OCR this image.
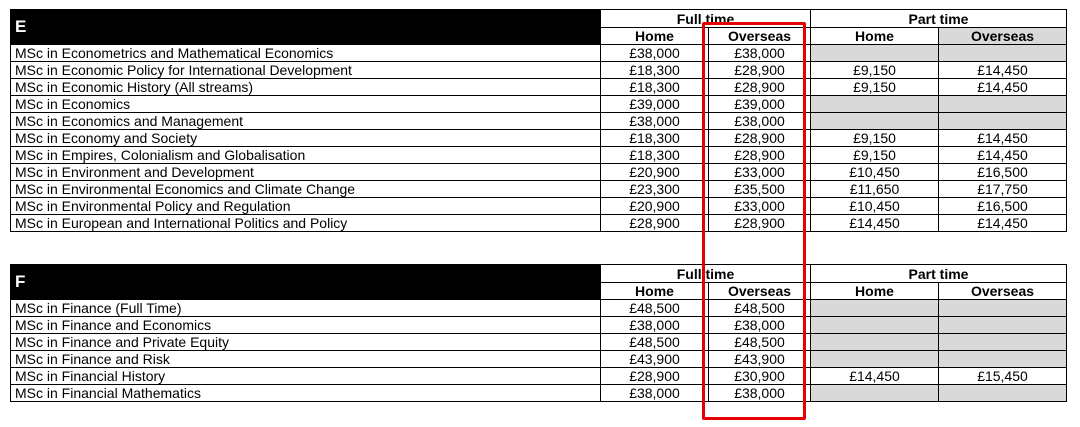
E	Full time		Part time	
	Home	Overseas	Home	Overseas
MSc in Econometrics and Mathematical Economics	£38,000	£38,000		
MSc in Economic Policy for International Development	£18,300	£28,900	£9,150	£14,450
MSc in Economic History (All streams)	£18,300	£28,900	£9,150	£14,450
MSc in Economics	£39,000	£39,000		
MSc in Economics and Management	£38,000	£38,000		
MSc in Economy and Society	£18,300	£28,900	£9,150	£14,450
MSc in Empires, Colonialism and Globalisation	£18,300	£28,900	£9,150	£14,450
MSc in Environment and Development	£20,900	£33,000	£10,450	£16,500
MSc in Environmental Economics and Climate Change	£23,300	£35,500	£11,650	£17,750
MSc in Environmental Policy and Regulation	£20,900	£33,000	£10,450	£16,500
MSc in European and International Politics and Policy	£28,900	£28,900	£14,450	£14,450
F	Full time		Part time	
	Home	Overseas	Home	Overseas
MSc in Finance (Full Time)	£48,500	£48,500		
MSc in Finance and Economics	£38,000	£38,000		
MSc in Finance and Private Equity	£48,500	£48,500		
MSc in Finance and Risk	£43,900	£43,900		
MSc in Financial History	£28,900	£30,900	£14,450	£15,450
MSc in Financial Mathematics	£38,000	£38,000		
